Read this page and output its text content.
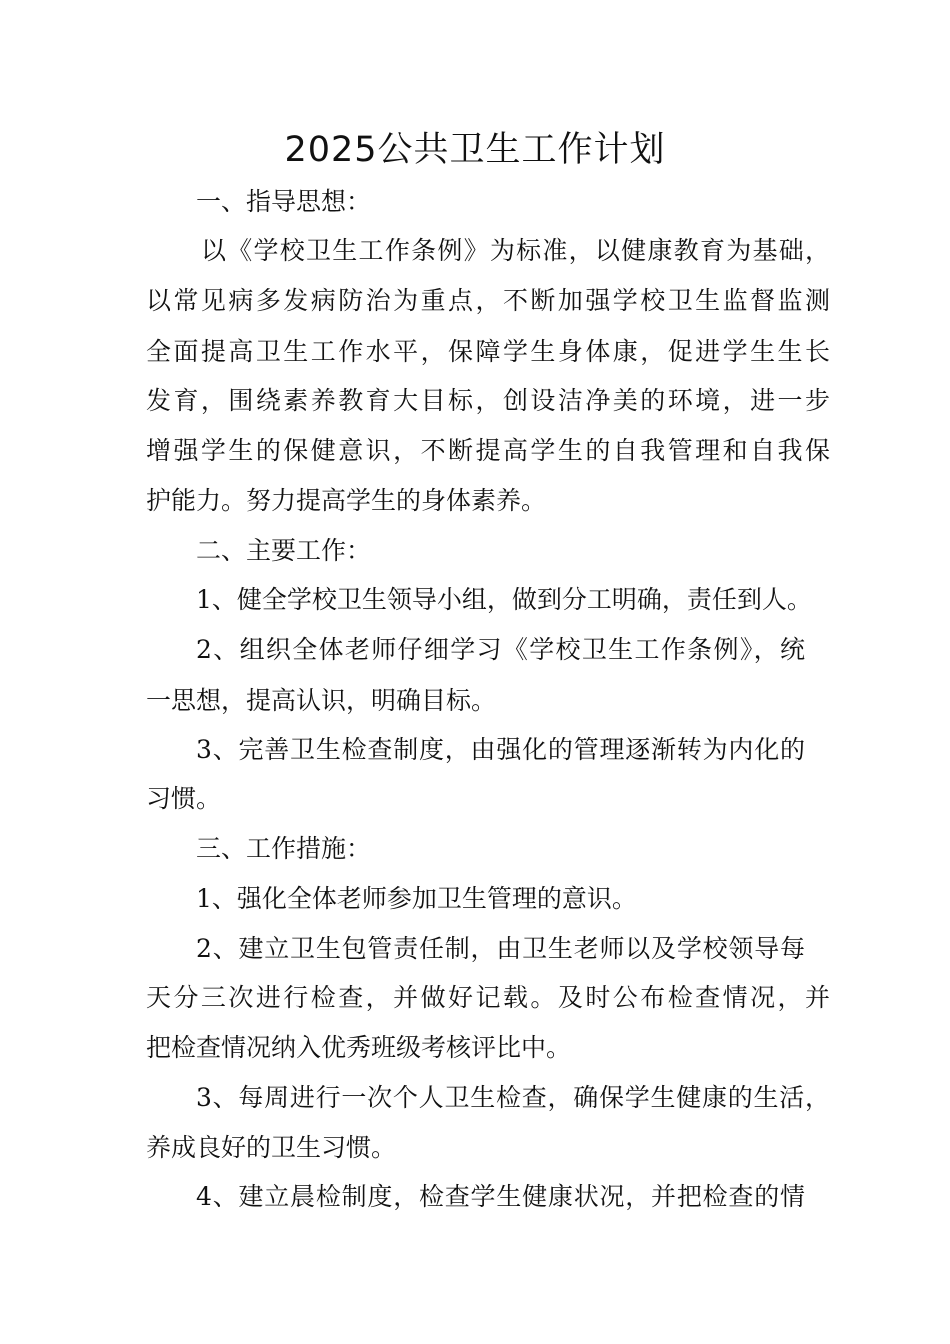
2025公共卫生工作计划
一、指导思想：
以《学校卫生工作条例》为标准，以健康教育为基础，
以常见病多发病防治为重点，不断加强学校卫生监督监测
全面提高卫生工作水平，保障学生身体康，促进学生生长
发育，围绕素养教育大目标，创设洁净美的环境，进一步
增强学生的保健意识，不断提高学生的自我管理和自我保
护能力。努力提高学生的身体素养。
二、主要工作：
1、健全学校卫生领导小组，做到分工明确，责任到人。
2、组织全体老师仔细学习《学校卫生工作条例》，统
一思想，提高认识，明确目标。
3、完善卫生检查制度，由强化的管理逐渐转为内化的
习惯。
三、工作措施：
1、强化全体老师参加卫生管理的意识。
2、建立卫生包管责任制，由卫生老师以及学校领导每
天分三次进行检查，并做好记载。及时公布检查情况，并
把检查情况纳入优秀班级考核评比中。
3、每周进行一次个人卫生检查，确保学生健康的生活，
养成良好的卫生习惯。
4、建立晨检制度，检查学生健康状况，并把检查的情
